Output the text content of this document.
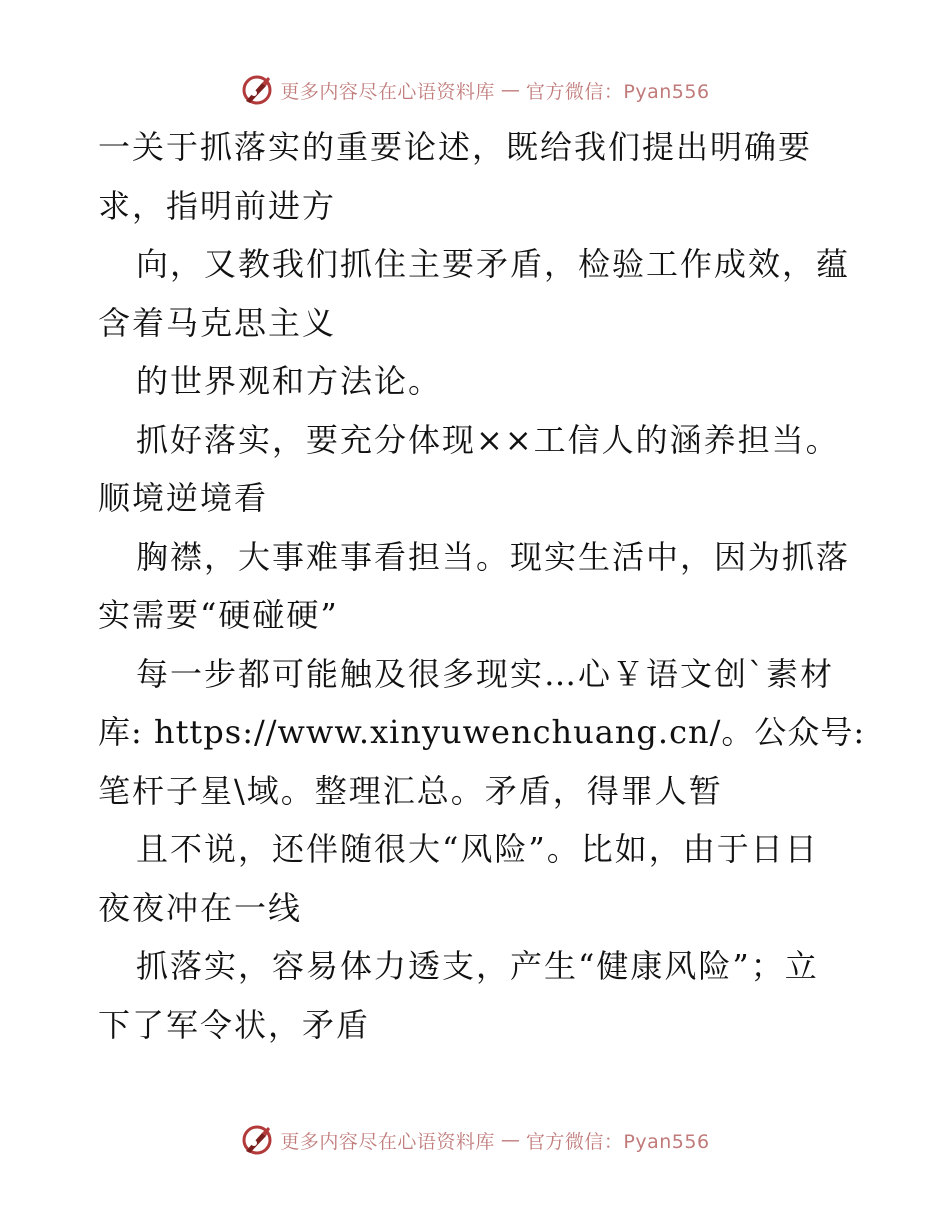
更多内容尽在心语资料库 — 官方微信：Pyan556
一关于抓落实的重要论述，既给我们提出明确要
求，指明前进方
向，又教我们抓住主要矛盾，检验工作成效，蕴
含着马克思主义
的世界观和方法论。
抓好落实，要充分体现××工信人的涵养担当。
顺境逆境看
胸襟，大事难事看担当。现实生活中，因为抓落
实需要“硬碰硬”
每一步都可能触及很多现实…心￥语文创`素材
库: https://www.xinyuwenchuang.cn/。公众号:
笔杆子星\域。整理汇总。矛盾，得罪人暂
且不说，还伴随很大“风险”。比如，由于日日
夜夜冲在一线
抓落实，容易体力透支，产生“健康风险”；立
下了军令状，矛盾
更多内容尽在心语资料库 — 官方微信：Pyan556
